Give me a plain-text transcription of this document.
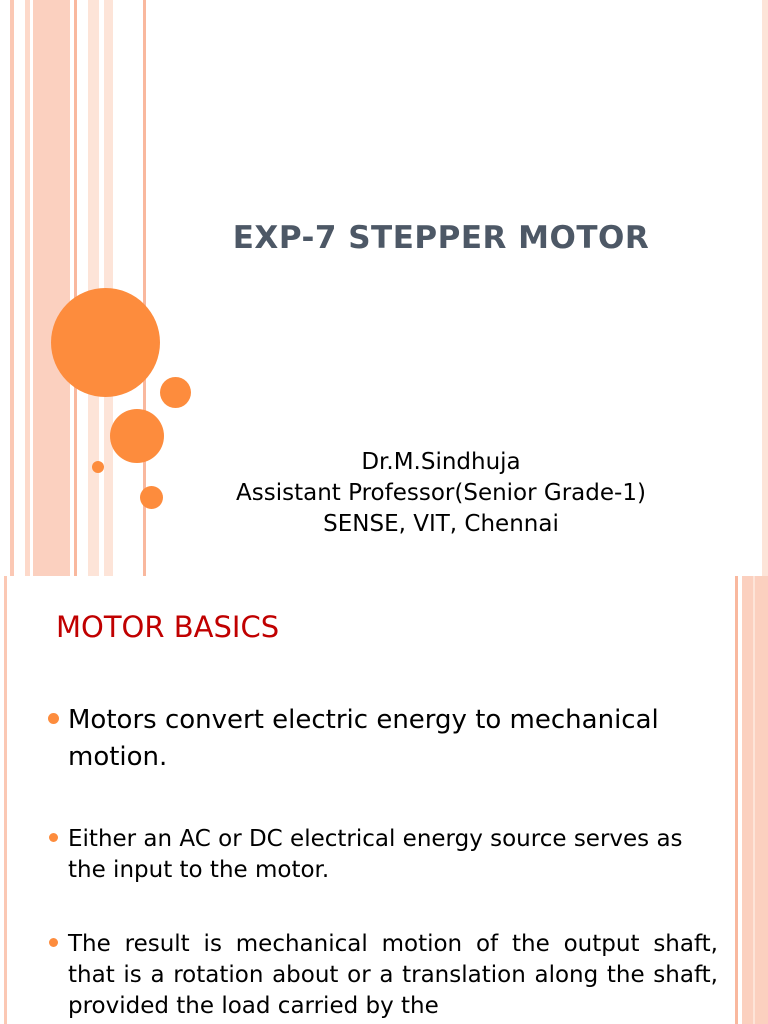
EXP-7 STEPPER MOTOR
Dr.M.Sindhuja
Assistant Professor(Senior Grade-1)
SENSE, VIT, Chennai
MOTOR BASICS

Motors convert electric energy to mechanical motion.

Either an AC or DC electrical energy source serves as the input to the motor.

The result is mechanical motion of the output shaft, that is a rotation about or a translation along the shaft, provided the load carried by the
